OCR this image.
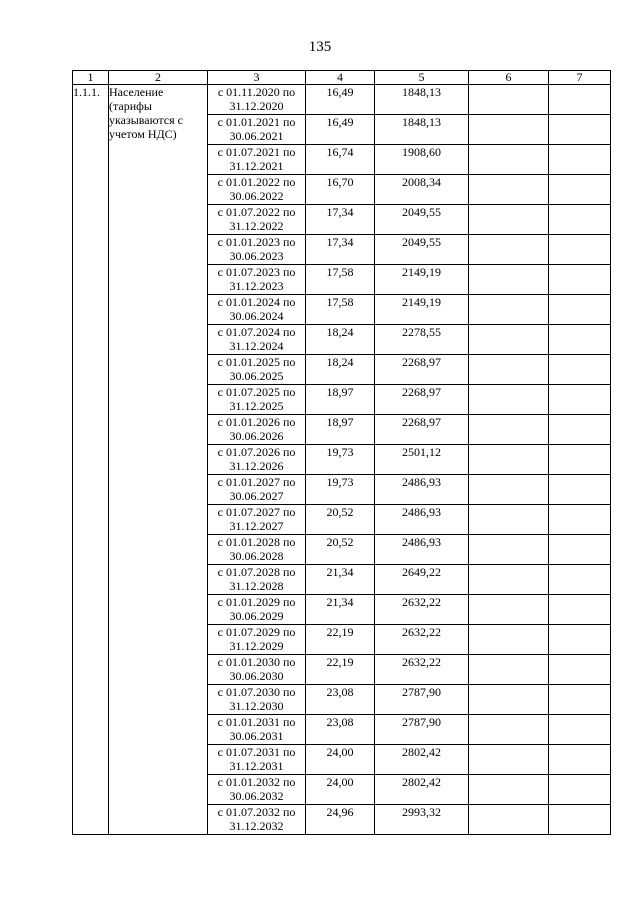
135
1	2	3	4	5	6	7
1.1.1.	Население (тарифы указываются с учетом НДС)	с 01.11.2020 по
31.12.2020	16,49	1848,13		

		с 01.01.2021 по
30.06.2021	16,49	1848,13		

		с 01.07.2021 по
31.12.2021	16,74	1908,60		

		с 01.01.2022 по
30.06.2022	16,70	2008,34		

		с 01.07.2022 по
31.12.2022	17,34	2049,55		

		с 01.01.2023 по
30.06.2023	17,34	2049,55		

		с 01.07.2023 по
31.12.2023	17,58	2149,19		

		с 01.01.2024 по
30.06.2024	17,58	2149,19		

		с 01.07.2024 по
31.12.2024	18,24	2278,55		

		с 01.01.2025 по
30.06.2025	18,24	2268,97		

		с 01.07.2025 по
31.12.2025	18,97	2268,97		

		с 01.01.2026 по
30.06.2026	18,97	2268,97		

		с 01.07.2026 по
31.12.2026	19,73	2501,12		

		с 01.01.2027 по
30.06.2027	19,73	2486,93		

		с 01.07.2027 по
31.12.2027	20,52	2486,93		

		с 01.01.2028 по
30.06.2028	20,52	2486,93		

		с 01.07.2028 по
31.12.2028	21,34	2649,22		

		с 01.01.2029 по
30.06.2029	21,34	2632,22		

		с 01.07.2029 по
31.12.2029	22,19	2632,22		

		с 01.01.2030 по
30.06.2030	22,19	2632,22		

		с 01.07.2030 по
31.12.2030	23,08	2787,90		

		с 01.01.2031 по
30.06.2031	23,08	2787,90		

		с 01.07.2031 по
31.12.2031	24,00	2802,42		

		с 01.01.2032 по
30.06.2032	24,00	2802,42		

		с 01.07.2032 по
31.12.2032	24,96	2993,32		
